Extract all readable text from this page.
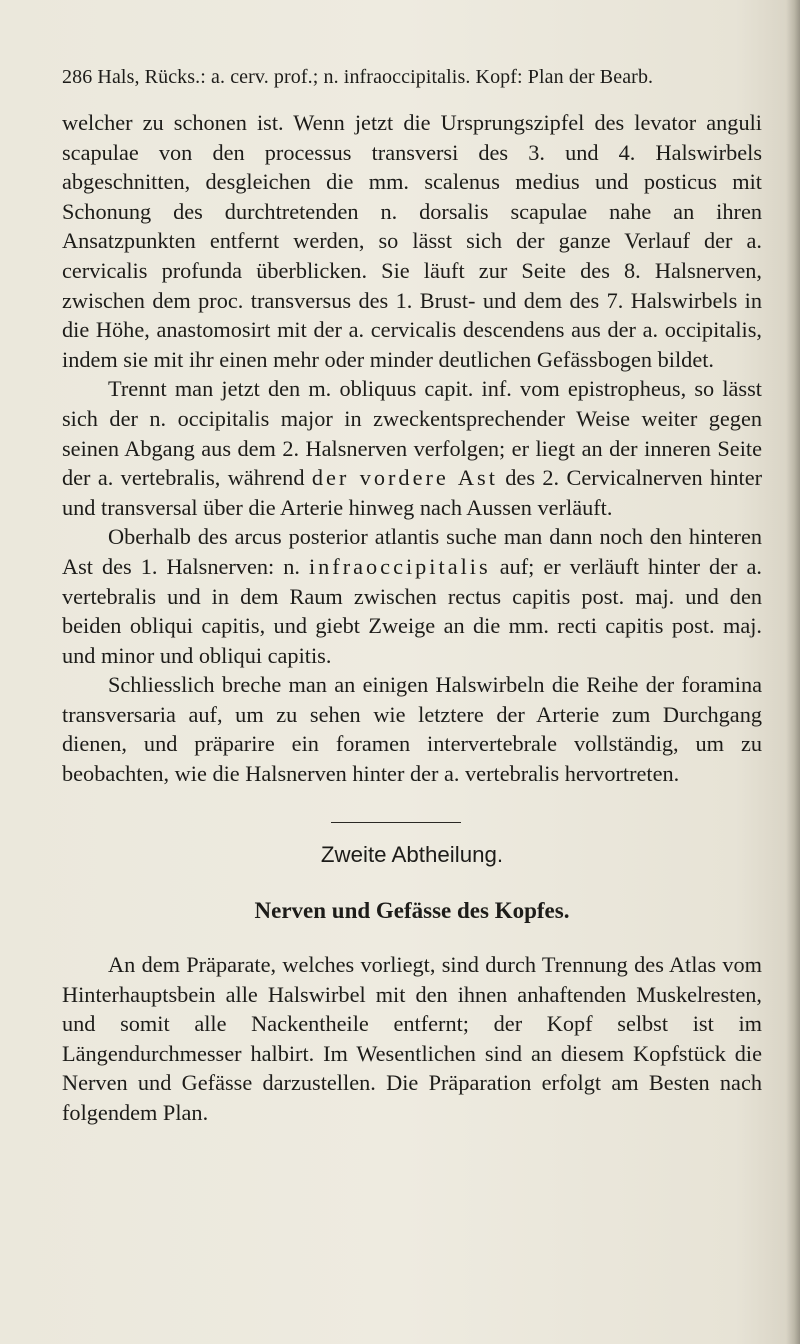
286 Hals, Rücks.: a. cerv. prof.; n. infraoccipitalis. Kopf: Plan der Bearb.

welcher zu schonen ist. Wenn jetzt die Ursprungszipfel des levator anguli scapulae von den processus transversi des 3. und 4. Halswirbels abgeschnitten, desgleichen die mm. scalenus medius und posticus mit Schonung des durchtretenden n. dorsalis scapulae nahe an ihren Ansatzpunkten entfernt werden, so lässt sich der ganze Verlauf der a. cervicalis profunda überblicken. Sie läuft zur Seite des 8. Halsnerven, zwischen dem proc. transversus des 1. Brust- und dem des 7. Halswirbels in die Höhe, anastomosirt mit der a. cervicalis descendens aus der a. occipitalis, indem sie mit ihr einen mehr oder minder deutlichen Gefässbogen bildet.

Trennt man jetzt den m. obliquus capit. inf. vom epistropheus, so lässt sich der n. occipitalis major in zweckentsprechender Weise weiter gegen seinen Abgang aus dem 2. Halsnerven verfolgen; er liegt an der inneren Seite der a. vertebralis, während der vordere Ast des 2. Cervicalnerven hinter und transversal über die Arterie hinweg nach Aussen verläuft.

Oberhalb des arcus posterior atlantis suche man dann noch den hinteren Ast des 1. Halsnerven: n. infraoccipitalis auf; er verläuft hinter der a. vertebralis und in dem Raum zwischen rectus capitis post. maj. und den beiden obliqui capitis, und giebt Zweige an die mm. recti capitis post. maj. und minor und obliqui capitis.

Schliesslich breche man an einigen Halswirbeln die Reihe der foramina transversaria auf, um zu sehen wie letztere der Arterie zum Durchgang dienen, und präparire ein foramen intervertebrale vollständig, um zu beobachten, wie die Halsnerven hinter der a. vertebralis hervortreten.

Zweite Abtheilung.
Nerven und Gefässe des Kopfes.

An dem Präparate, welches vorliegt, sind durch Trennung des Atlas vom Hinterhauptsbein alle Halswirbel mit den ihnen anhaftenden Muskelresten, und somit alle Nackentheile entfernt; der Kopf selbst ist im Längendurchmesser halbirt. Im Wesentlichen sind an diesem Kopfstück die Nerven und Gefässe darzustellen. Die Präparation erfolgt am Besten nach folgendem Plan.
